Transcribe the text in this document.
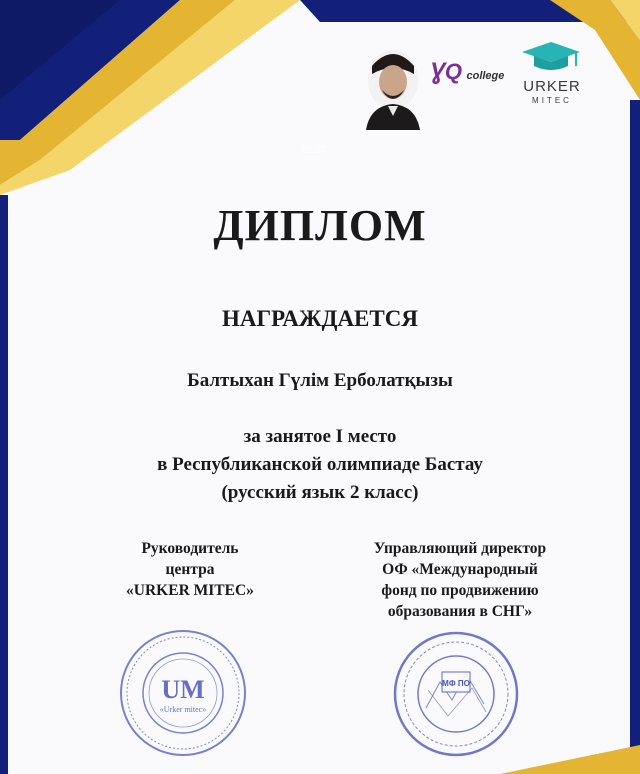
ƔQ college
URKER
MITEC
BEST
ДИПЛОМ
НАГРАЖДАЕТСЯ
Балтыхан Гүлім Ерболатқызы
за занятое I место
в Республиканской олимпиаде Бастау
(русский язык 2 класс)
Руководитель
центра
«URKER MITEC»
Управляющий директор
ОФ «Международный
фонд по продвижению
образования в СНГ»
UM
«Urker mitec»
МФ ПО
